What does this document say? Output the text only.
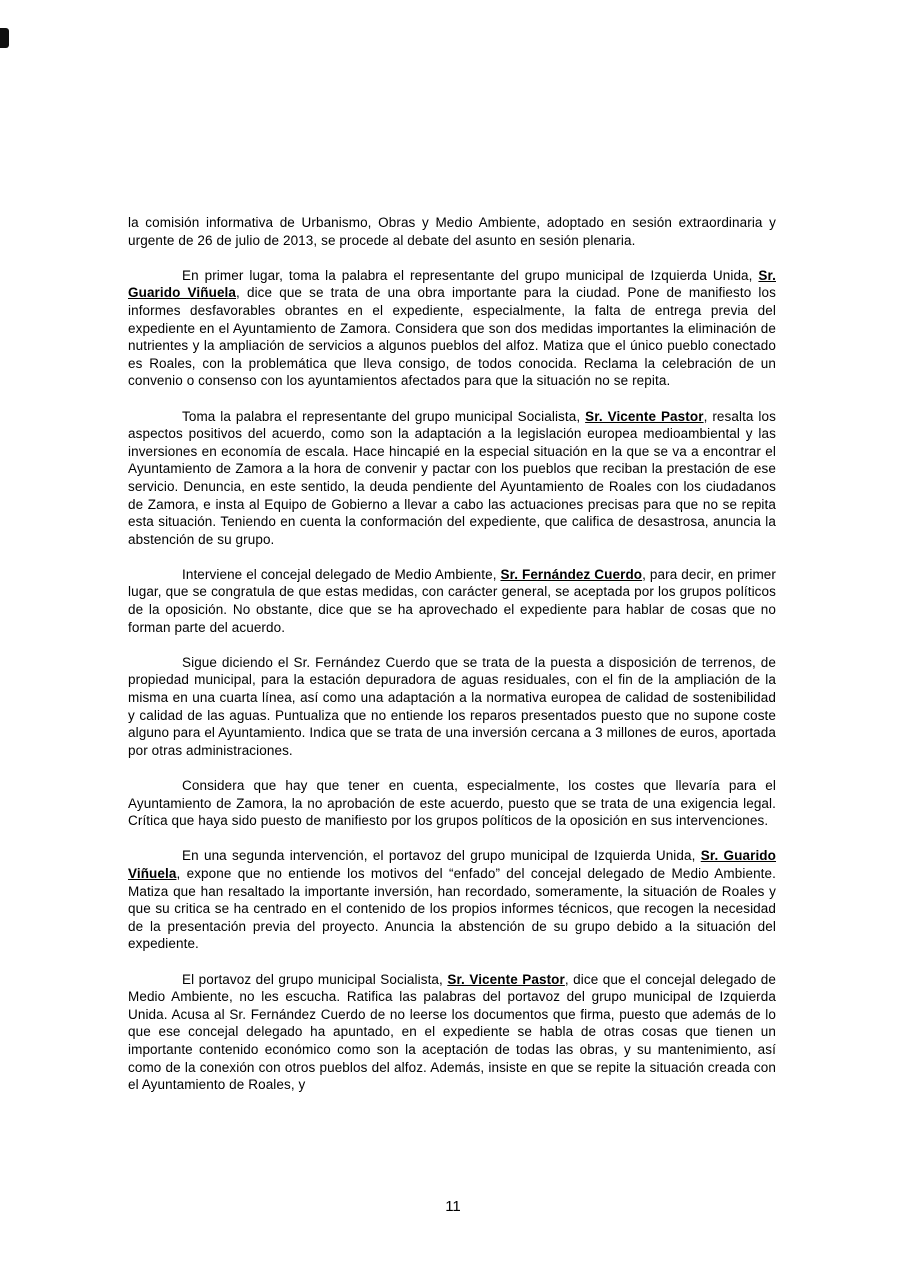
la comisión informativa de Urbanismo, Obras y Medio Ambiente, adoptado en sesión extraordinaria y urgente de 26 de julio de 2013, se procede al debate del asunto en sesión plenaria.

En primer lugar, toma la palabra el representante del grupo municipal de Izquierda Unida, Sr. Guarido Viñuela, dice que se trata de una obra importante para la ciudad. Pone de manifiesto los informes desfavorables obrantes en el expediente, especialmente, la falta de entrega previa del expediente en el Ayuntamiento de Zamora. Considera que son dos medidas importantes la eliminación de nutrientes y la ampliación de servicios a algunos pueblos del alfoz. Matiza que el único pueblo conectado es Roales, con la problemática que lleva consigo, de todos conocida. Reclama la celebración de un convenio o consenso con los ayuntamientos afectados para que la situación no se repita.

Toma la palabra el representante del grupo municipal Socialista, Sr. Vicente Pastor, resalta los aspectos positivos del acuerdo, como son la adaptación a la legislación europea medioambiental y las inversiones en economía de escala. Hace hincapié en la especial situación en la que se va a encontrar el Ayuntamiento de Zamora a la hora de convenir y pactar con los pueblos que reciban la prestación de ese servicio. Denuncia, en este sentido, la deuda pendiente del Ayuntamiento de Roales con los ciudadanos de Zamora, e insta al Equipo de Gobierno a llevar a cabo las actuaciones precisas para que no se repita esta situación. Teniendo en cuenta la conformación del expediente, que califica de desastrosa, anuncia la abstención de su grupo.

Interviene el concejal delegado de Medio Ambiente, Sr. Fernández Cuerdo, para decir, en primer lugar, que se congratula de que estas medidas, con carácter general, se aceptada por los grupos políticos de la oposición. No obstante, dice que se ha aprovechado el expediente para hablar de cosas que no forman parte del acuerdo.

Sigue diciendo el Sr. Fernández Cuerdo que se trata de la puesta a disposición de terrenos, de propiedad municipal, para la estación depuradora de aguas residuales, con el fin de la ampliación de la misma en una cuarta línea, así como una adaptación a la normativa europea de calidad de sostenibilidad y calidad de las aguas. Puntualiza que no entiende los reparos presentados puesto que no supone coste alguno para el Ayuntamiento. Indica que se trata de una inversión cercana a 3 millones de euros, aportada por otras administraciones.

Considera que hay que tener en cuenta, especialmente, los costes que llevaría para el Ayuntamiento de Zamora, la no aprobación de este acuerdo, puesto que se trata de una exigencia legal. Crítica que haya sido puesto de manifiesto por los grupos políticos de la oposición en sus intervenciones.

En una segunda intervención, el portavoz del grupo municipal de Izquierda Unida, Sr. Guarido Viñuela, expone que no entiende los motivos del “enfado” del concejal delegado de Medio Ambiente. Matiza que han resaltado la importante inversión, han recordado, someramente, la situación de Roales y que su critica se ha centrado en el contenido de los propios informes técnicos, que recogen la necesidad de la presentación previa del proyecto. Anuncia la abstención de su grupo debido a la situación del expediente.

El portavoz del grupo municipal Socialista, Sr. Vicente Pastor, dice que el concejal delegado de Medio Ambiente, no les escucha. Ratifica las palabras del portavoz del grupo municipal de Izquierda Unida. Acusa al Sr. Fernández Cuerdo de no leerse los documentos que firma, puesto que además de lo que ese concejal delegado ha apuntado, en el expediente se habla de otras cosas que tienen un importante contenido económico como son la aceptación de todas las obras, y su mantenimiento, así como de la conexión con otros pueblos del alfoz. Además, insiste en que se repite la situación creada con el Ayuntamiento de Roales, y

11
